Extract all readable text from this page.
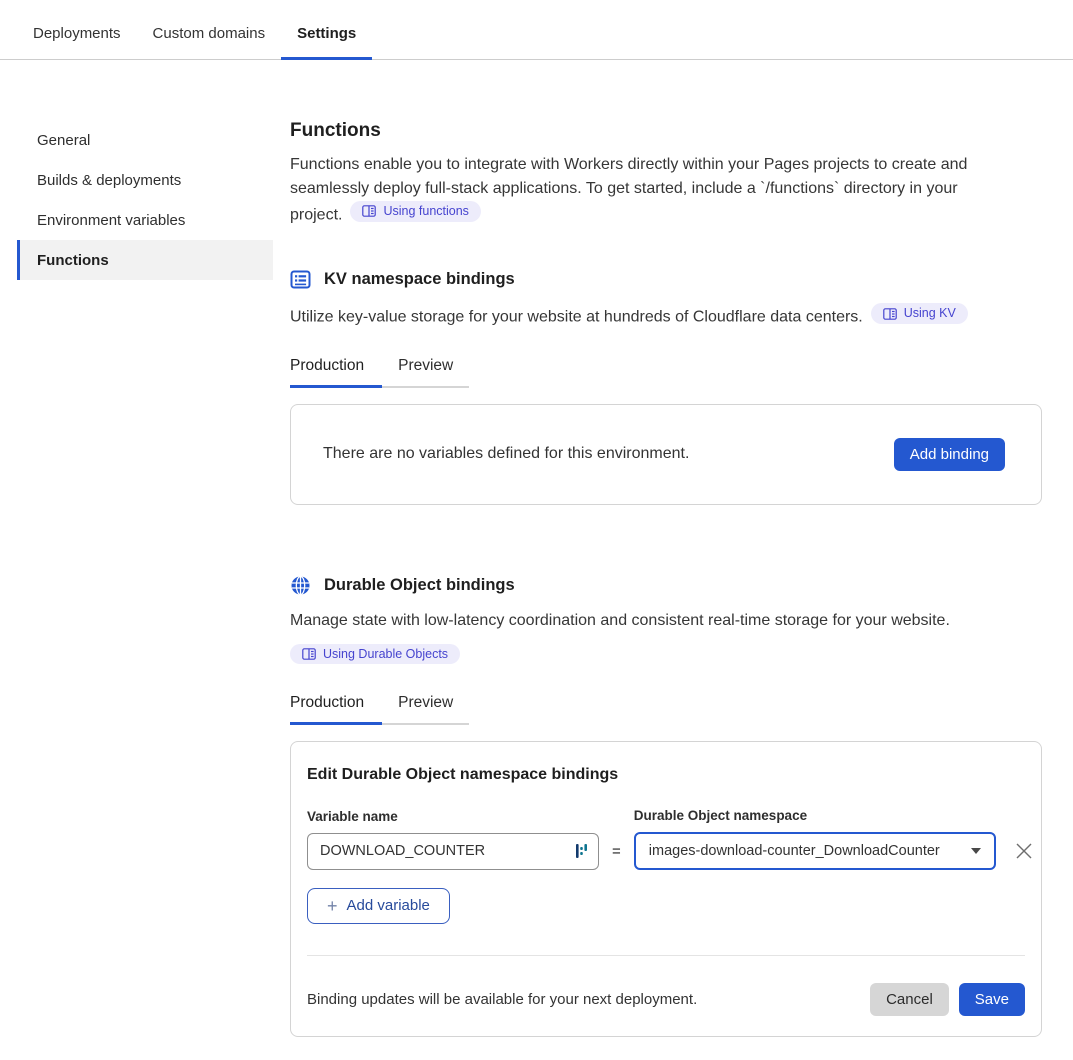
Deployments	Custom domains	Settings
General
Builds & deployments
Environment variables
Functions
Functions

Functions enable you to integrate with Workers directly within your Pages projects to create and seamlessly deploy full-stack applications. To get started, include a `/functions` directory in your project.	Using functions

KV namespace bindings

Utilize key-value storage for your website at hundreds of Cloudflare data centers.	Using KV

Production	Preview
There are no variables defined for this environment.	Add binding
Durable Object bindings

Manage state with low-latency coordination and consistent real-time storage for your website.

Using Durable Objects
Production	Preview
Edit Durable Object namespace bindings
Variable name
DOWNLOAD_COUNTER
=
Durable Object namespace
images-download-counter_DownloadCounter
+ Add variable
Binding updates will be available for your next deployment.	Cancel	Save
